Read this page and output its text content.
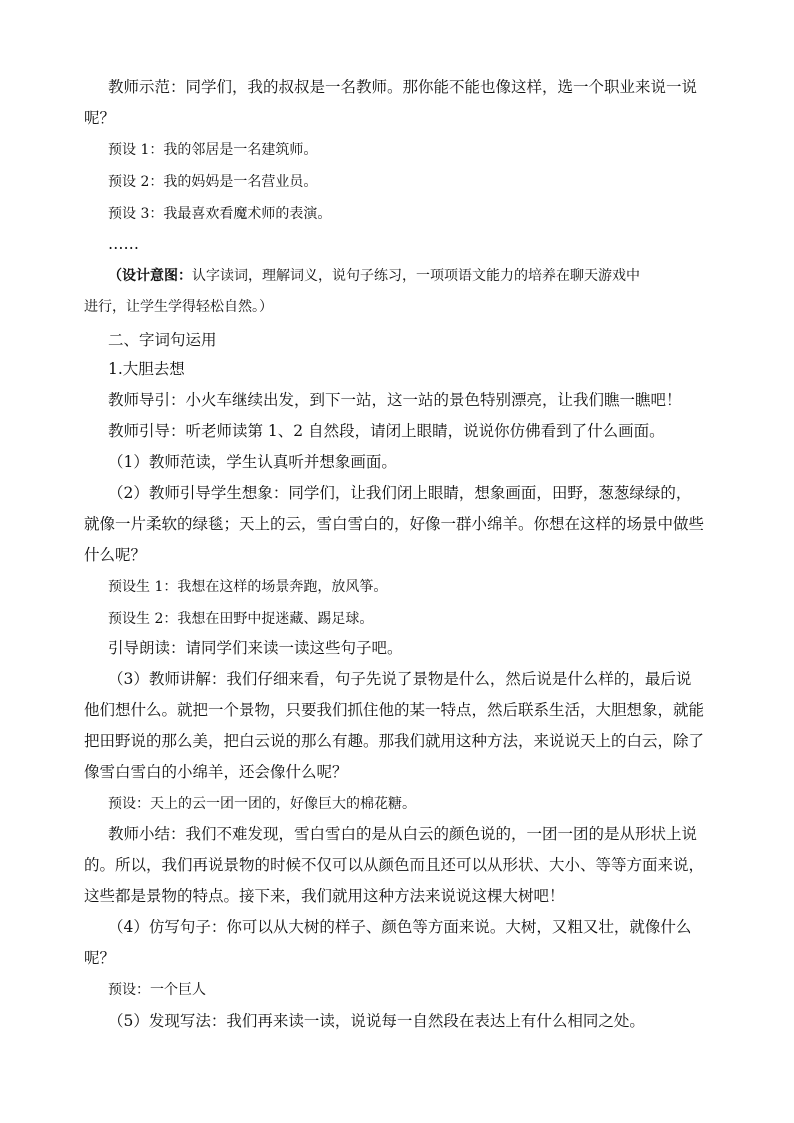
教师示范：同学们，我的叔叔是一名教师。那你能不能也像这样，选一个职业来说一说
呢？
预设 1：我的邻居是一名建筑师。
预设 2：我的妈妈是一名营业员。
预设 3：我最喜欢看魔术师的表演。
……
（设计意图：认字读词，理解词义，说句子练习，一项项语文能力的培养在聊天游戏中
进行，让学生学得轻松自然。）
二、字词句运用
1.大胆去想
教师导引：小火车继续出发，到下一站，这一站的景色特别漂亮，让我们瞧一瞧吧！
教师引导：听老师读第 1、2 自然段，请闭上眼睛，说说你仿佛看到了什么画面。
（1）教师范读，学生认真听并想象画面。
（2）教师引导学生想象：同学们，让我们闭上眼睛，想象画面，田野，葱葱绿绿的，
就像一片柔软的绿毯；天上的云，雪白雪白的，好像一群小绵羊。你想在这样的场景中做些
什么呢？
预设生 1：我想在这样的场景奔跑，放风筝。
预设生 2：我想在田野中捉迷藏、踢足球。
引导朗读：请同学们来读一读这些句子吧。
（3）教师讲解：我们仔细来看，句子先说了景物是什么，然后说是什么样的，最后说
他们想什么。就把一个景物，只要我们抓住他的某一特点，然后联系生活，大胆想象，就能
把田野说的那么美，把白云说的那么有趣。那我们就用这种方法，来说说天上的白云，除了
像雪白雪白的小绵羊，还会像什么呢？
预设：天上的云一团一团的，好像巨大的棉花糖。
教师小结：我们不难发现，雪白雪白的是从白云的颜色说的，一团一团的是从形状上说
的。所以，我们再说景物的时候不仅可以从颜色而且还可以从形状、大小、等等方面来说，
这些都是景物的特点。接下来，我们就用这种方法来说说这棵大树吧！
（4）仿写句子：你可以从大树的样子、颜色等方面来说。大树，又粗又壮，就像什么
呢？
预设：一个巨人
（5）发现写法：我们再来读一读，说说每一自然段在表达上有什么相同之处。
